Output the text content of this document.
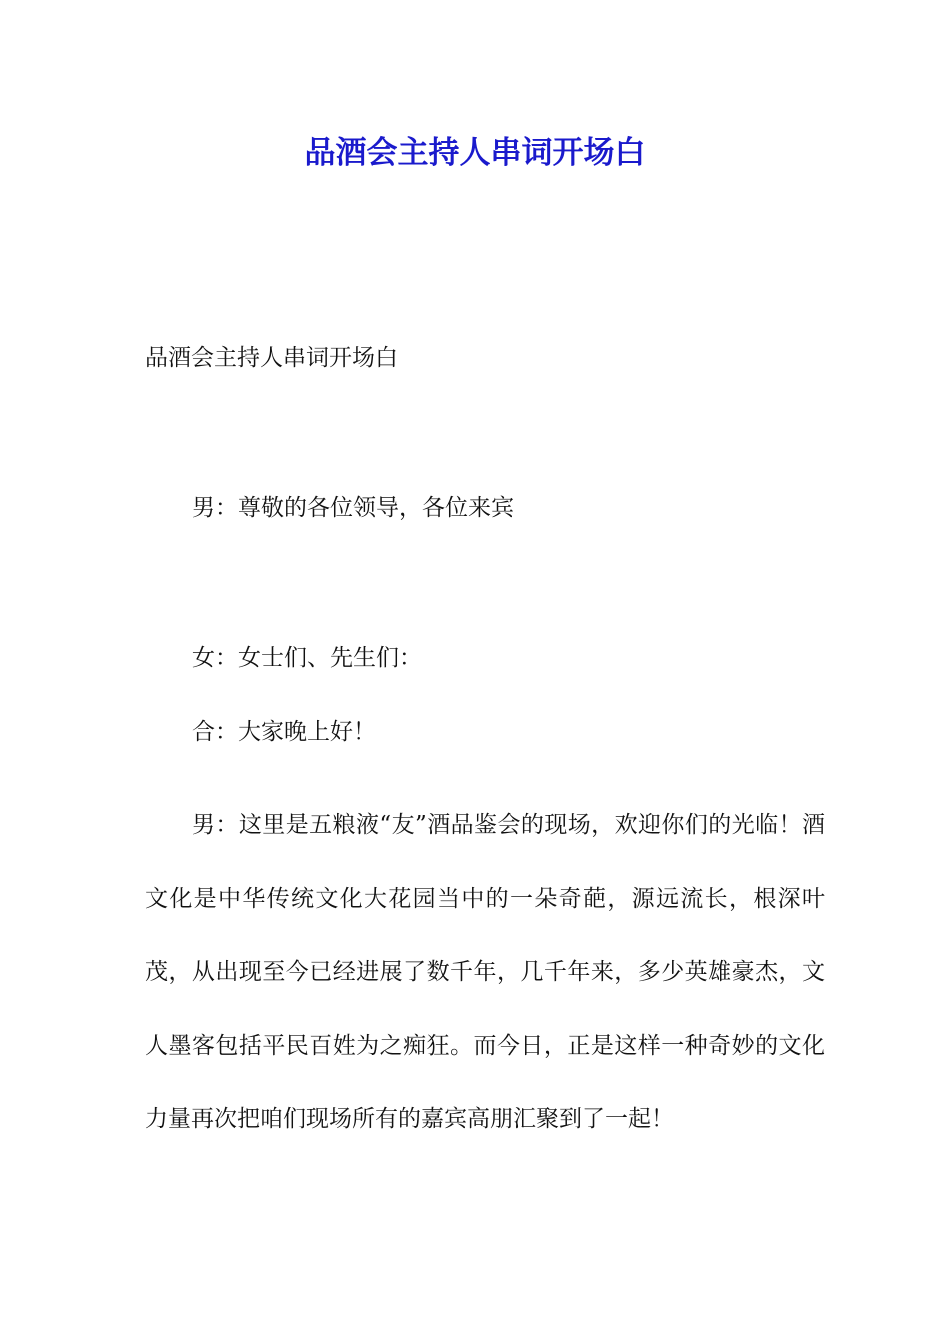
品酒会主持人串词开场白

品酒会主持人串词开场白

男：尊敬的各位领导，各位来宾

女：女士们、先生们：

合：大家晚上好！

男：这里是五粮液“友”酒品鉴会的现场，欢迎你们的光临！酒文化是中华传统文化大花园当中的一朵奇葩，源远流长，根深叶茂，从出现至今已经进展了数千年，几千年来，多少英雄豪杰，文人墨客包括平民百姓为之痴狂。而今日，正是这样一种奇妙的文化力量再次把咱们现场所有的嘉宾高朋汇聚到了一起！
